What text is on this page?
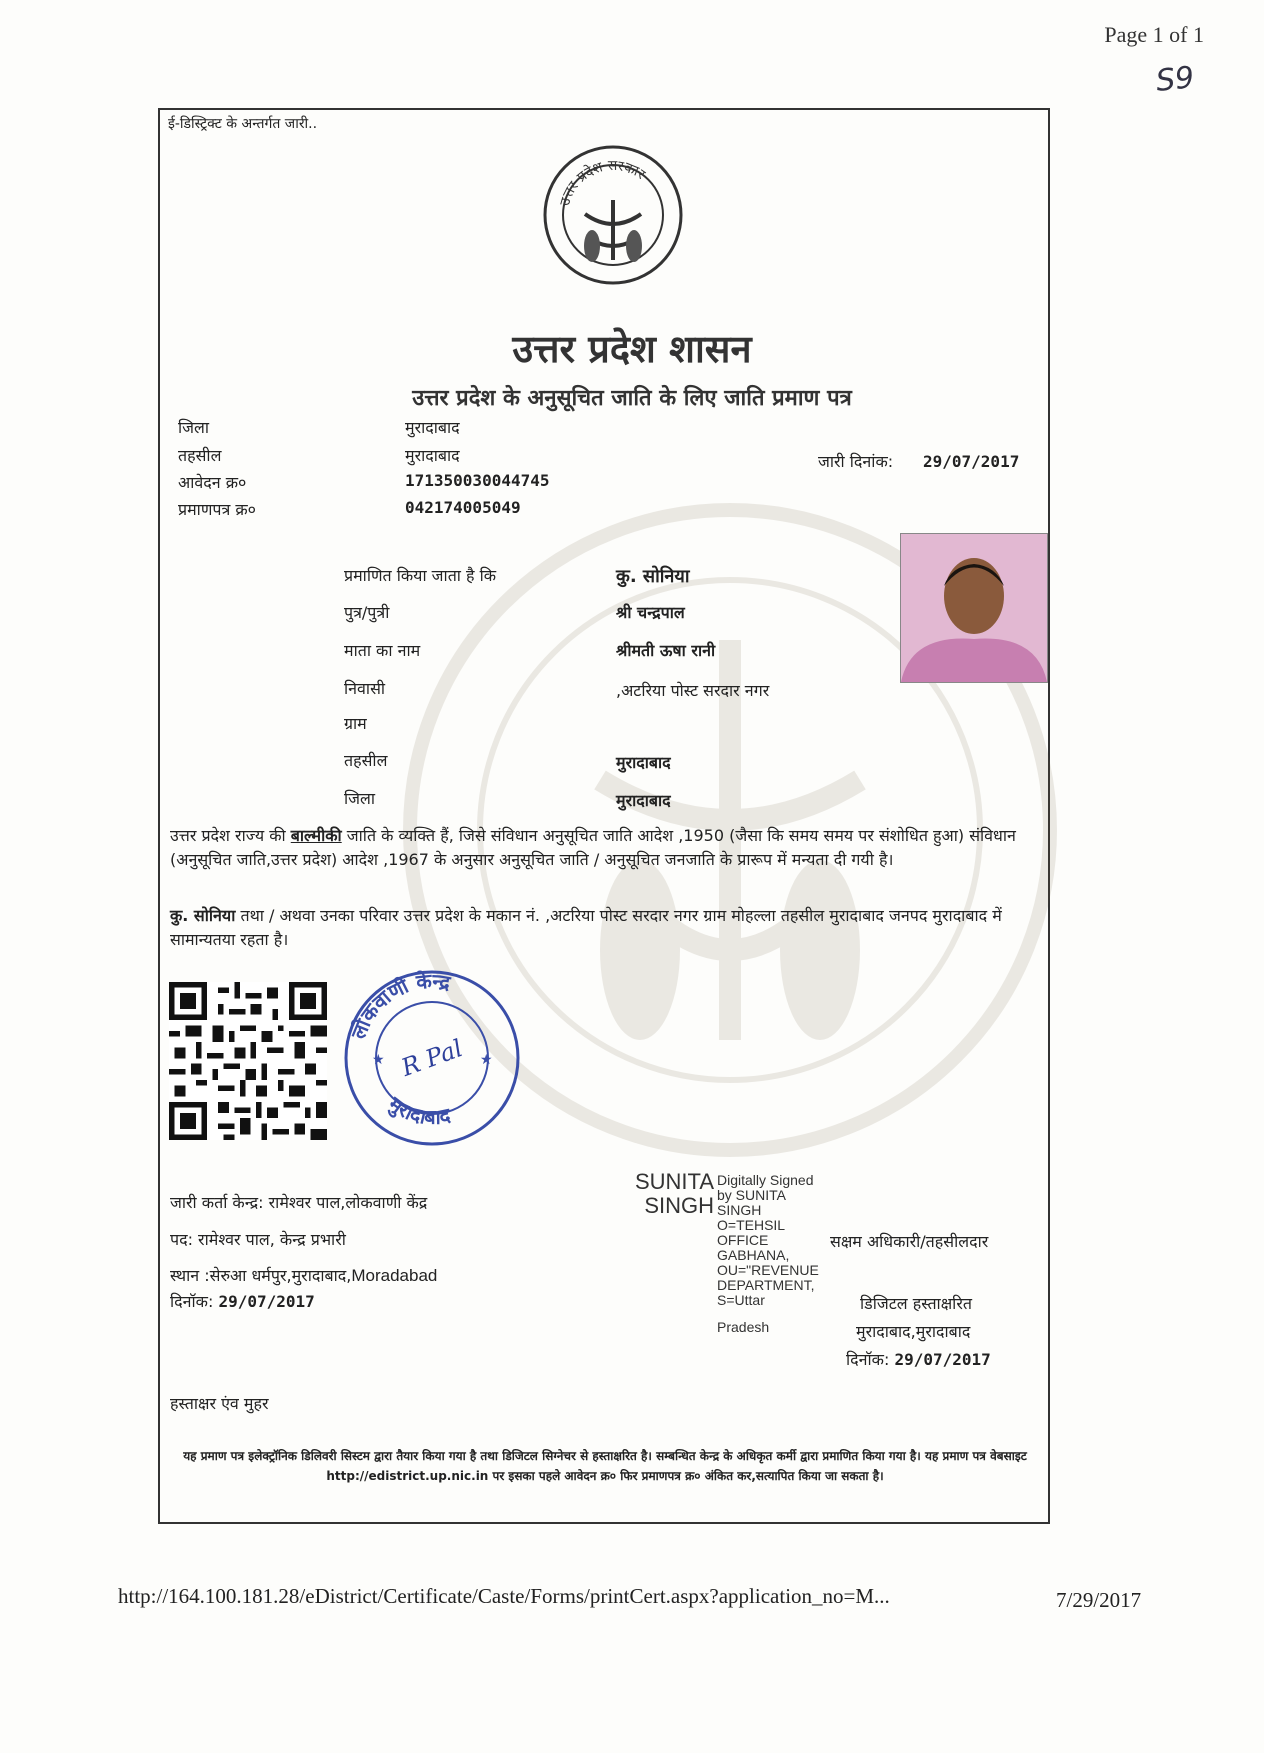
Page 1 of 1
S9
ई-डिस्ट्रिक्ट के अन्तर्गत जारी..
उत्तर प्रदेश सरकार
उत्तर प्रदेश शासन
उत्तर प्रदेश के अनुसूचित जाति के लिए जाति प्रमाण पत्र
जिला	मुरादाबाद
तहसील	मुरादाबाद
आवेदन क्र०	171350030044745
प्रमाणपत्र क्र०	042174005049
जारी दिनांक: 29/07/2017
प्रमाणित किया जाता है कि	कु. सोनिया
पुत्र/पुत्री	श्री चन्द्रपाल
माता का नाम	श्रीमती ऊषा रानी
निवासी	,अटरिया पोस्ट सरदार नगर
ग्राम
तहसील	मुरादाबाद
जिला	मुरादाबाद
उत्तर प्रदेश राज्य की बाल्मीकी जाति के व्यक्ति हैं, जिसे संविधान अनुसूचित जाति आदेश ,1950 (जैसा कि समय समय पर संशोधित हुआ) संविधान (अनुसूचित जाति,उत्तर प्रदेश) आदेश ,1967 के अनुसार अनुसूचित जाति / अनुसूचित जनजाति के प्रारूप में मन्यता दी गयी है।
कु. सोनिया तथा / अथवा उनका परिवार उत्तर प्रदेश के मकान नं. ,अटरिया पोस्ट सरदार नगर ग्राम मोहल्ला तहसील मुरादाबाद जनपद मुरादाबाद में सामान्यतया रहता है।
लोकवाणी केन्द्र
मुरादाबाद
R Pal
★	★
जारी कर्ता केन्द्र: रामेश्वर पाल,लोकवाणी केंद्र
पद: रामेश्वर पाल, केन्द्र प्रभारी
स्थान :सेरुआ धर्मपुर,मुरादाबाद,Moradabad
दिनॉक: 29/07/2017
SUNITA
SINGH
Digitally Signed
by SUNITA
SINGH
O=TEHSIL
OFFICE
GABHANA,
OU="REVENUE
DEPARTMENT,
S=Uttar
Pradesh
सक्षम अधिकारी/तहसीलदार
डिजिटल हस्ताक्षरित
मुरादाबाद,मुरादाबाद
दिनॉक: 29/07/2017
हस्ताक्षर एंव मुहर
यह प्रमाण पत्र इलेक्ट्रॉनिक डिलिवरी सिस्टम द्वारा तैयार किया गया है तथा डिजिटल सिग्नेचर से हस्ताक्षरित है। सम्बन्धित केन्द्र के अधिकृत कर्मी द्वारा प्रमाणित किया गया है। यह प्रमाण पत्र वेबसाइट http://edistrict.up.nic.in पर इसका पहले आवेदन क्र० फिर प्रमाणपत्र क्र० अंकित कर,सत्यापित किया जा सकता है।
http://164.100.181.28/eDistrict/Certificate/Caste/Forms/printCert.aspx?application_no=M...	7/29/2017
